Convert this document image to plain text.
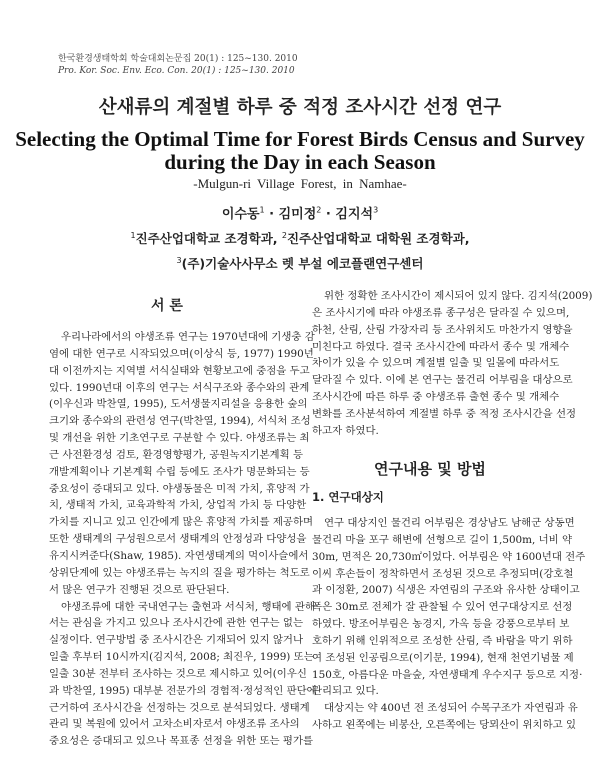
한국환경생태학회 학술대회논문집 20(1) : 125~130. 2010
Pro. Kor. Soc. Env. Eco. Con. 20(1) : 125~130. 2010
산새류의 계절별 하루 중 적정 조사시간 선정 연구
Selecting the Optimal Time for Forest Birds Census and Survey
during the Day in each Season
-Mulgun-ri Village Forest, in Namhae-
이수동$^1$ · 김미정$^2$ · 김지석$^3$
$^1$진주산업대학교 조경학과, $^2$진주산업대학교 대학원 조경학과,
$^3$(주)기술사사무소 렛 부설 에코플랜연구센터
서 론
우리나라에서의 야생조류 연구는 1970년대에 기생충 감
염에 대한 연구로 시작되었으며(이상식 등, 1977) 1990년
대 이전까지는 지역별 서식실태와 현황보고에 중점을 두고
있다. 1990년대 이후의 연구는 서식구조와 종수와의 관계
(이우신과 박찬열, 1995), 도서생물지리설을 응용한 숲의
크기와 종수와의 관련성 연구(박찬열, 1994), 서식처 조성
및 개선을 위한 기초연구로 구분할 수 있다. 야생조류는 최
근 사전환경성 검토, 환경영향평가, 공원녹지기본계획 등
개발계획이나 기본계획 수립 등에도 조사가 명문화되는 등
중요성이 증대되고 있다. 야생동물은 미적 가치, 휴양적 가
치, 생태적 가치, 교육과학적 가치, 상업적 가치 등 다양한
가치를 지니고 있고 인간에게 많은 휴양적 가치를 제공하며
또한 생태계의 구성원으로서 생태계의 안정성과 다양성을
유지시켜준다(Shaw, 1985). 자연생태계의 먹이사슬에서
상위단계에 있는 야생조류는 녹지의 질을 평가하는 척도로
서 많은 연구가 진행된 것으로 판단된다.
야생조류에 대한 국내연구는 출현과 서식처, 행태에 관해
서는 관심을 가지고 있으나 조사시간에 관한 연구는 없는
실정이다. 연구방법 중 조사시간은 기재되어 있지 않거나
일출 후부터 10시까지(김지석, 2008; 최진우, 1999) 또는
일출 30분 전부터 조사하는 것으로 제시하고 있어(이우신
과 박찬열, 1995) 대부분 전문가의 경험적·정성적인 판단에
근거하여 조사시간을 선정하는 것으로 분석되었다. 생태계
관리 및 복원에 있어서 고차소비자로서 야생조류 조사의
중요성은 증대되고 있으나 목표종 선정을 위한 또는 평가를
위한 정확한 조사시간이 제시되어 있지 않다. 김지석(2009)
은 조사시기에 따라 야생조류 종구성은 달라질 수 있으며,
하천, 산림, 산림 가장자리 등 조사위치도 마찬가지 영향을
미친다고 하였다. 결국 조사시간에 따라서 종수 및 개체수
차이가 있을 수 있으며 계절별 일출 및 일몰에 따라서도
달라질 수 있다. 이에 본 연구는 물건리 어부림을 대상으로
조사시간에 따른 하루 중 야생조류 출현 종수 및 개체수
변화를 조사분석하여 계절별 하루 중 적정 조사시간을 선정
하고자 하였다.
연구내용 및 방법
1. 연구대상지
연구 대상지인 물건리 어부림은 경상남도 남해군 상동면
물건리 마을 포구 해변에 선형으로 길이 1,500m, 너비 약
30m, 면적은 20,730㎡이었다. 어부림은 약 1600년대 전주
이씨 후손들이 정착하면서 조성된 것으로 추정되며(강호철
과 이정환, 2007) 식생은 자연림의 구조와 유사한 상태이고
폭은 30m로 전체가 잘 관찰될 수 있어 연구대상지로 선정
하였다. 방조어부림은 농경지, 가옥 등을 강풍으로부터 보
호하기 위해 인위적으로 조성한 산림, 즉 바람을 막기 위하
여 조성된 인공림으로(이기문, 1994), 현재 천연기념물 제
150호, 아름다운 마을숲, 자연생태계 우수지구 등으로 지정·
관리되고 있다.
대상지는 약 400년 전 조성되어 수목구조가 자연림과 유
사하고 왼쪽에는 비봉산, 오른쪽에는 당뫼산이 위치하고 있
